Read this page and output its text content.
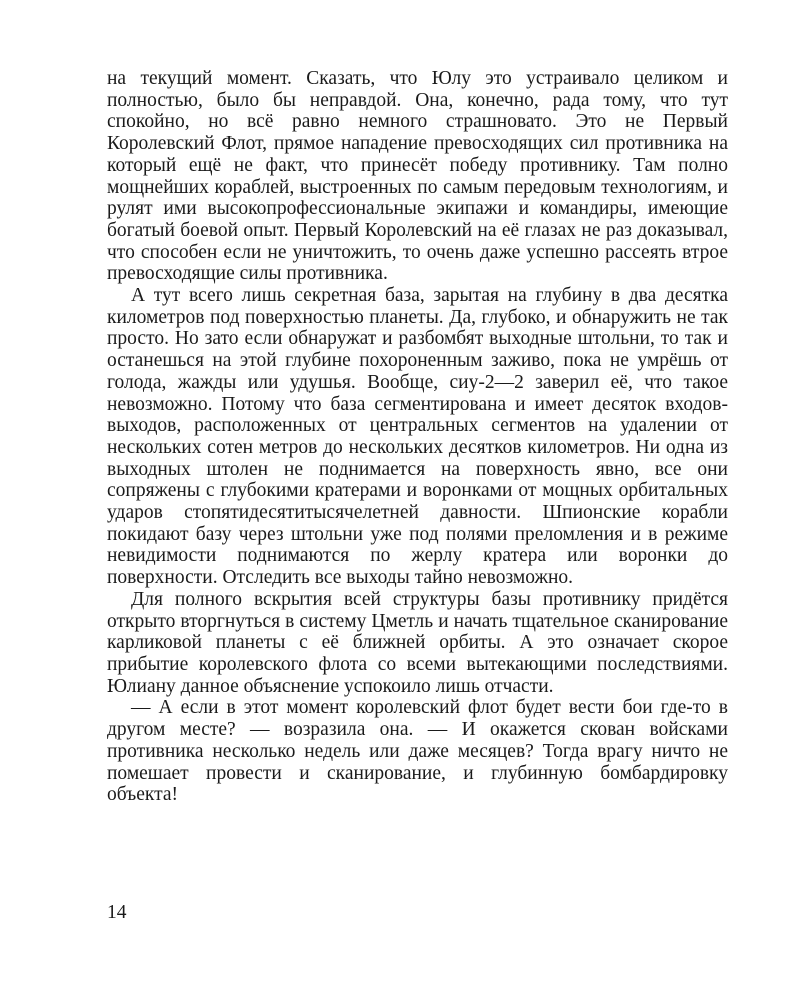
на текущий момент. Сказать, что Юлу это устраивало целиком и полностью, было бы неправдой. Она, конечно, рада тому, что тут спокойно, но всё равно немного страшновато. Это не Первый Королевский Флот, прямое нападение превосходящих сил противника на который ещё не факт, что принесёт победу противнику. Там полно мощнейших кораблей, выстроенных по самым передовым технологиям, и рулят ими высокопрофессиональные экипажи и командиры, имеющие богатый боевой опыт. Первый Королевский на её глазах не раз доказывал, что способен если не уничтожить, то очень даже успешно рассеять втрое превосходящие силы противника.

А тут всего лишь секретная база, зарытая на глубину в два десятка километров под поверхностью планеты. Да, глубоко, и обнаружить не так просто. Но зато если обнаружат и разбомбят выходные штольни, то так и останешься на этой глубине похороненным заживо, пока не умрёшь от голода, жажды или удушья. Вообще, сиу-2—2 заверил её, что такое невозможно. Потому что база сегментирована и имеет десяток входов-выходов, расположенных от центральных сегментов на удалении от нескольких сотен метров до нескольких десятков километров. Ни одна из выходных штолен не поднимается на поверхность явно, все они сопряжены с глубокими кратерами и воронками от мощных орбитальных ударов стопятидесятитысячелетней давности. Шпионские корабли покидают базу через штольни уже под полями преломления и в режиме невидимости поднимаются по жерлу кратера или воронки до поверхности. Отследить все выходы тайно невозможно.

Для полного вскрытия всей структуры базы противнику придётся открыто вторгнуться в систему Цметль и начать тщательное сканирование карликовой планеты с её ближней орбиты. А это означает скорое прибытие королевского флота со всеми вытекающими последствиями. Юлиану данное объяснение успокоило лишь отчасти.

— А если в этот момент королевский флот будет вести бои где-то в другом месте? — возразила она. — И окажется скован войсками противника несколько недель или даже месяцев? Тогда врагу ничто не помешает провести и сканирование, и глубинную бомбардировку объекта!

14
